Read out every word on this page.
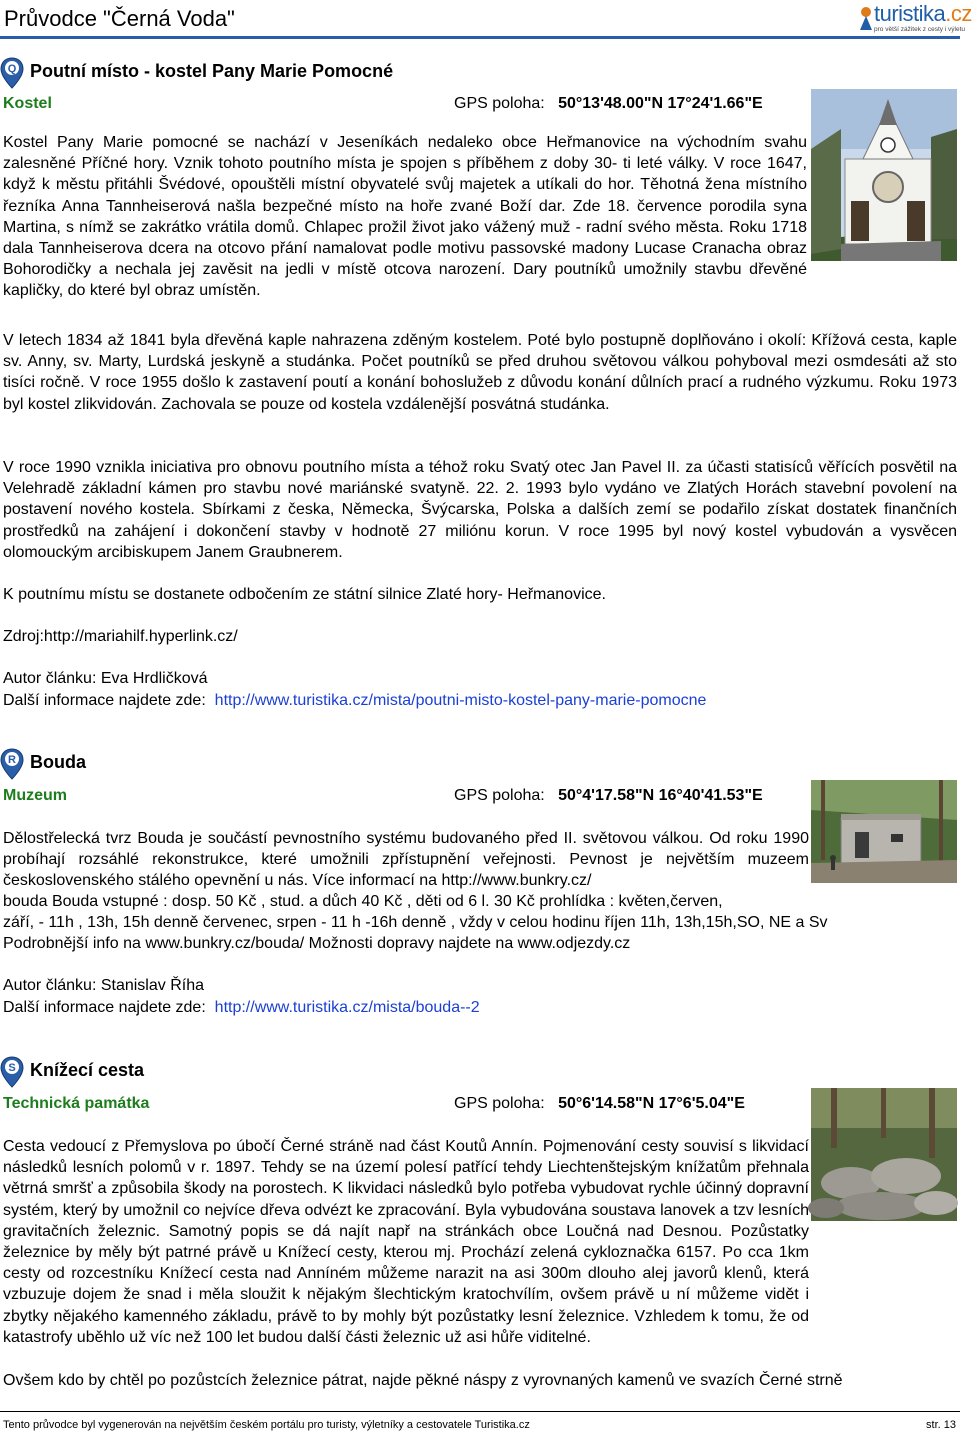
Průvodce "Černá Voda"	turistika.cz
pro větší zážitek z cesty i výletu
Q Poutní místo - kostel Pany Marie Pomocné
Kostel	GPS poloha: 50°13'48.00"N 17°24'1.66"E
Kostel Pany Marie pomocné se nachází v Jeseníkách nedaleko obce Heřmanovice na východním svahu zalesněné Příčné hory. Vznik tohoto poutního místa je spojen s příběhem z doby 30- ti leté války. V roce 1647, když k městu přitáhli Švédové, opouštěli místní obyvatelé svůj majetek a utíkali do hor. Těhotná žena místního řezníka Anna Tannheiserová našla bezpečné místo na hoře zvané Boží dar. Zde 18. července porodila syna Martina, s nímž se zakrátko vrátila domů. Chlapec prožil život jako vážený muž - radní svého města. Roku 1718 dala Tannheiserova dcera na otcovo přání namalovat podle motivu passovské madony Lucase Cranacha obraz Bohorodičky a nechala jej zavěsit na jedli v místě otcova narození. Dary poutníků umožnily stavbu dřevěné kapličky, do které byl obraz umístěn.
V letech 1834 až 1841 byla dřevěná kaple nahrazena zděným kostelem. Poté bylo postupně doplňováno i okolí: Křížová cesta, kaple sv. Anny, sv. Marty, Lurdská jeskyně a studánka. Počet poutníků se před druhou světovou válkou pohyboval mezi osmdesáti až sto tisíci ročně. V roce 1955 došlo k zastavení poutí a konání bohoslužeb z důvodu konání důlních prací a rudného výzkumu. Roku 1973 byl kostel zlikvidován. Zachovala se pouze od kostela vzdálenější posvátná studánka.
V roce 1990 vznikla iniciativa pro obnovu poutního místa a téhož roku Svatý otec Jan Pavel II. za účasti statisíců věřících posvětil na Velehradě základní kámen pro stavbu nové mariánské svatyně. 22. 2. 1993 bylo vydáno ve Zlatých Horách stavební povolení na postavení nového kostela. Sbírkami z česka, Německa, Švýcarska, Polska a dalších zemí se podařilo získat dostatek finančních prostředků na zahájení i dokončení stavby v hodnotě 27 miliónu korun. V roce 1995 byl nový kostel vybudován a vysvěcen olomouckým arcibiskupem Janem Graubnerem.
K poutnímu místu se dostanete odbočením ze státní silnice Zlaté hory- Heřmanovice.
Zdroj:http://mariahilf.hyperlink.cz/
Autor článku: Eva Hrdličková
Další informace najdete zde: http://www.turistika.cz/mista/poutni-misto-kostel-pany-marie-pomocne
R Bouda
Muzeum	GPS poloha: 50°4'17.58"N 16°40'41.53"E
Dělostřelecká tvrz Bouda je součástí pevnostního systému budovaného před II. světovou válkou. Od roku 1990 probíhají rozsáhlé rekonstrukce, které umožnili zpřístupnění veřejnosti. Pevnost je největším muzeem československého stálého opevnění u nás. Více informací na http://www.bunkry.cz/
bouda Bouda vstupné : dosp. 50 Kč , stud. a důch 40 Kč , děti od 6 l. 30 Kč prohlídka : květen,červen,
září, - 11h , 13h, 15h denně červenec, srpen - 11 h -16h denně , vždy v celou hodinu říjen 11h, 13h,15h,SO, NE a Sv
Podrobnější info na www.bunkry.cz/bouda/ Možnosti dopravy najdete na www.odjezdy.cz
Autor článku: Stanislav Říha
Další informace najdete zde: http://www.turistika.cz/mista/bouda--2
S Knížecí cesta
Technická památka	GPS poloha: 50°6'14.58"N 17°6'5.04"E
Cesta vedoucí z Přemyslova po úbočí Černé stráně nad část Koutů Annín. Pojmenování cesty souvisí s likvidací následků lesních polomů v r. 1897. Tehdy se na území polesí patřící tehdy Liechtenštejským knížatům přehnala větrná smršť a způsobila škody na porostech. K likvidaci následků bylo potřeba vybudovat rychle účinný dopravní systém, který by umožnil co nejvíce dřeva odvézt ke zpracování. Byla vybudována soustava lanovek a tzv lesních gravitačních železnic. Samotný popis se dá najít např na stránkách obce Loučná nad Desnou. Pozůstatky železnice by měly být patrné právě u Knížecí cesty, kterou mj. Prochází zelená cykloznačka 6157. Po cca 1km cesty od rozcestníku Knížecí cesta nad Anníném můžeme narazit na asi 300m dlouho alej javorů klenů, která vzbuzuje dojem že snad i měla sloužit k nějakým šlechtickým kratochvílím, ovšem právě u ní můžeme vidět i zbytky nějakého kamenného základu, právě to by mohly být pozůstatky lesní železnice. Vzhledem k tomu, že od katastrofy uběhlo už víc než 100 let budou další části železnic už asi hůře viditelné.
Ovšem kdo by chtěl po pozůstcích železnice pátrat, najde pěkné náspy z vyrovnaných kamenů ve svazích Černé strně
Tento průvodce byl vygenerován na největším českém portálu pro turisty, výletníky a cestovatele Turistika.cz	str. 13
